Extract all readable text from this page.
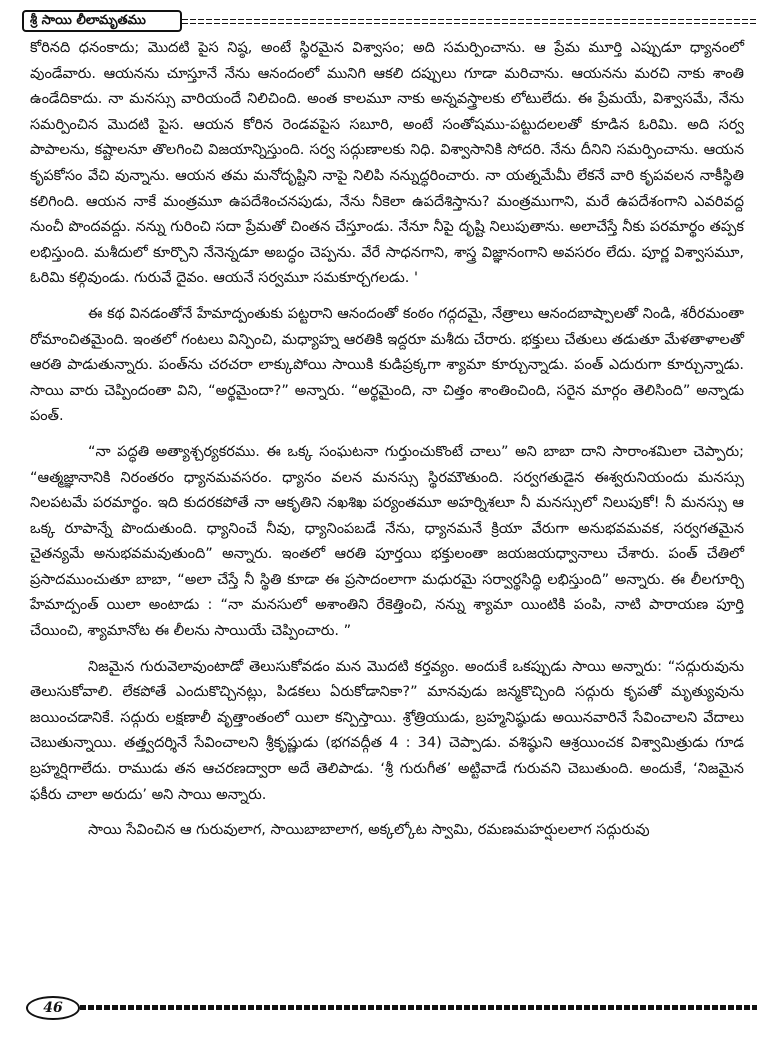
శ్రీ సాయి లీలామృతము

కోరినది ధనంకాదు; మొదటి పైస నిష్ఠ, అంటే స్థిరమైన విశ్వాసం; అది సమర్పించాను. ఆ ప్రేమ మూర్తి ఎప్పుడూ ధ్యానంలో వుండేవారు. ఆయనను చూస్తూనే నేను ఆనందంలో మునిగి ఆకలి దప్పులు గూడా మరిచాను. ఆయనను మరచి నాకు శాంతి ఉండేదికాదు. నా మనస్సు వారియందే నిలిచింది. అంత కాలమూ నాకు అన్నవస్త్రాలకు లోటులేదు. ఈ ప్రేమయే, విశ్వాసమే, నేను సమర్పించిన మొదటి పైస. ఆయన కోరిన రెండవపైస సబూరి, అంటే సంతోషము-పట్టుదలలతో కూడిన ఓరిమి. అది సర్వ పాపాలను, కష్టాలనూ తొలగించి విజయాన్నిస్తుంది. సర్వ సద్గుణాలకు నిధి. విశ్వాసానికి సోదరి. నేను దీనిని సమర్పించాను. ఆయన కృపకోసం వేచి వున్నాను. ఆయన తమ మనోదృష్టిని నాపై నిలిపి నన్నుద్ధరించారు. నా యత్నమేమీ లేకనే వారి కృపవలన నాకీస్థితి కలిగింది. ఆయన నాకే మంత్రమూ ఉపదేశించనపుడు, నేను నీకెలా ఉపదేశిస్తాను? మంత్రముగాని, మరే ఉపదేశంగాని ఎవరివద్ద నుంచీ పొందవద్దు. నన్ను గురించి సదా ప్రేమతో చింతన చేస్తూండు. నేనూ నీపై దృష్టి నిలుపుతాను. అలాచేస్తే నీకు పరమార్థం తప్పక లభిస్తుంది. మశీదులో కూర్చొని నేనెన్నడూ అబద్ధం చెప్పను. వేరే సాధనగాని, శాస్త్ర విజ్ఞానంగాని అవసరం లేదు. పూర్ణ విశ్వాసమూ, ఓరిమి కల్గివుండు. గురువే దైవం. ఆయనే సర్వమూ సమకూర్చగలడు. '

ఈ కథ వినడంతోనే హేమాద్పంతుకు పట్టరాని ఆనందంతో కంఠం గద్గదమై, నేత్రాలు ఆనందబాష్పాలతో నిండి, శరీరమంతా రోమాంచితమైంది. ఇంతలో గంటలు విన్పించి, మధ్యాహ్న ఆరతికి ఇద్దరూ మశీదు చేరారు. భక్తులు చేతులు తడుతూ మేళతాళాలతో ఆరతి పాడుతున్నారు. పంత్‌ను చరచరా లాక్కుపోయి సాయికి కుడిప్రక్కగా శ్యామా కూర్చున్నాడు. పంత్ ఎదురుగా కూర్చున్నాడు. సాయి వారు చెప్పిందంతా విని, “అర్థమైందా?” అన్నారు. “అర్థమైంది, నా చిత్తం శాంతించింది, సరైన మార్గం తెలిసింది” అన్నాడు పంత్.

“నా పద్ధతి అత్యాశ్చర్యకరము. ఈ ఒక్క సంఘటనా గుర్తుంచుకొంటే చాలు” అని బాబా దాని సారాంశమిలా చెప్పారు; “ఆత్మజ్ఞానానికి నిరంతరం ధ్యానమవసరం. ధ్యానం వలన మనస్సు స్థిరమౌతుంది. సర్వగతుడైన ఈశ్వరునియందు మనస్సు నిలపటమే పరమార్థం. ఇది కుదరకపోతే నా ఆకృతిని నఖశిఖ పర్యంతమూ అహర్నిశలూ నీ మనస్సులో నిలుపుకో! నీ మనస్సు ఆ ఒక్క రూపాన్నే పొందుతుంది. ధ్యానించే నీవు, ధ్యానింపబడే నేను, ధ్యానమనే క్రియా వేరుగా అనుభవమవక, సర్వగతమైన చైతన్యమే అనుభవమవుతుంది” అన్నారు. ఇంతలో ఆరతి పూర్తయి భక్తులంతా జయజయధ్వానాలు చేశారు. పంత్ చేతిలో ప్రసాదముంచుతూ బాబా, “అలా చేస్తే నీ స్థితి కూడా ఈ ప్రసాదంలాగా మధురమై సర్వార్థసిద్ధి లభిస్తుంది” అన్నారు. ఈ లీలగూర్చి హేమాద్పంత్ యిలా అంటాడు : “నా మనసులో అశాంతిని రేకెత్తించి, నన్ను శ్యామా యింటికి పంపి, నాటి పారాయణ పూర్తి చేయించి, శ్యామానోట ఈ లీలను సాయియే చెప్పించారు. ”

నిజమైన గురువెలావుంటాడో తెలుసుకోవడం మన మొదటి కర్తవ్యం. అందుకే ఒకప్పుడు సాయి అన్నారు: “సద్గురువును తెలుసుకోవాలి. లేకపోతే ఎందుకొచ్చినట్లు, పిడకలు ఏరుకోడానికా?” మానవుడు జన్మకొచ్చింది సద్గురు కృపతో మృత్యువును జయించడానికే. సద్గురు లక్షణాలీ వృత్తాంతంలో యిలా కన్పిస్తాయి. శ్రోత్రియుడు, బ్రహ్మనిష్ఠుడు అయినవారినే సేవించాలని వేదాలు చెబుతున్నాయి. తత్త్వదర్శినే సేవించాలని శ్రీకృష్ణుడు (భగవద్గీత 4 : 34) చెప్పాడు. వశిష్ఠుని ఆశ్రయించక విశ్వామిత్రుడు గూడ బ్రహ్మర్షిగాలేదు. రాముడు తన ఆచరణద్వారా అదే తెలిపాడు. ‘శ్రీ గురుగీత’ అట్టివాడే గురువని చెబుతుంది. అందుకే, ‘నిజమైన ఫకీరు చాలా అరుదు’ అని సాయి అన్నారు.

సాయి సేవించిన ఆ గురువులాగ, సాయిబాబాలాగ, అక్కల్కోట స్వామి, రమణమహర్షులలాగ సద్గురువు

46
